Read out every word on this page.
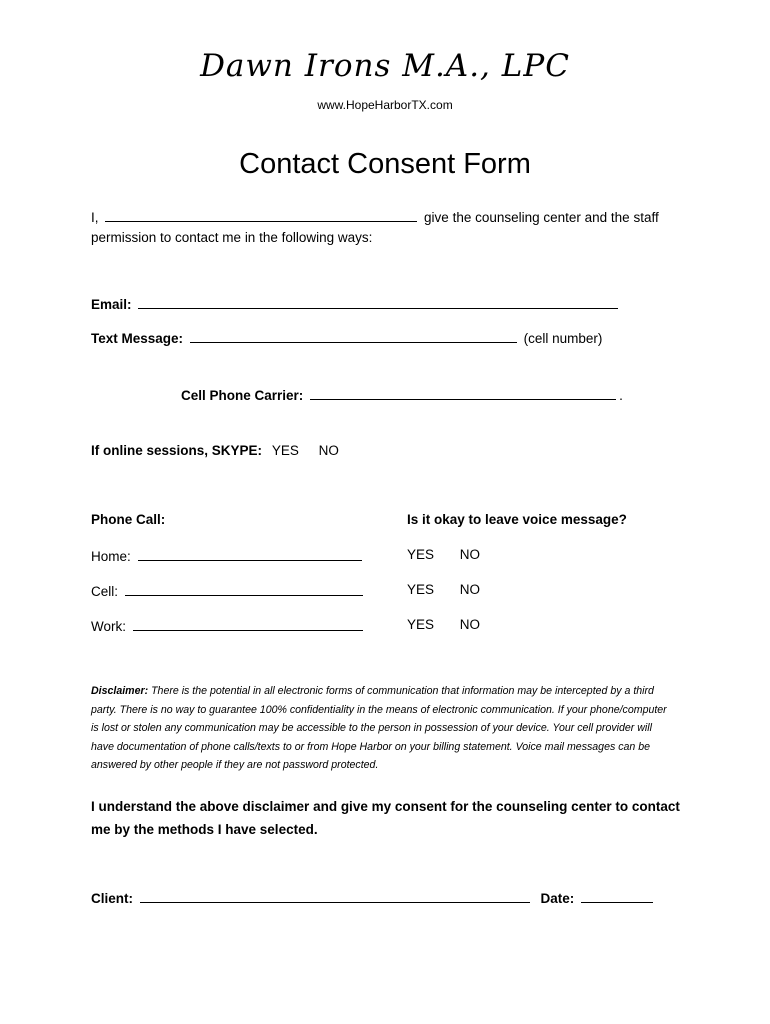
Dawn Irons M.A., LPC
www.HopeHarborTX.com
Contact Consent Form
I,	give the counseling center and the staff
permission to contact me in the following ways:
Email:
Text Message:	(cell number)
Cell Phone Carrier:	.
If online sessions, SKYPE: YES NO
Phone Call:	Is it okay to leave voice message?
Home:	YES NO
Cell:	YES NO
Work:	YES NO
Disclaimer: There is the potential in all electronic forms of communication that information may be intercepted by a third party. There is no way to guarantee 100% confidentiality in the means of electronic communication. If your phone/computer is lost or stolen any communication may be accessible to the person in possession of your device. Your cell provider will have documentation of phone calls/texts to or from Hope Harbor on your billing statement. Voice mail messages can be answered by other people if they are not password protected.
I understand the above disclaimer and give my consent for the counseling center to contact me by the methods I have selected.
Client:	Date:
